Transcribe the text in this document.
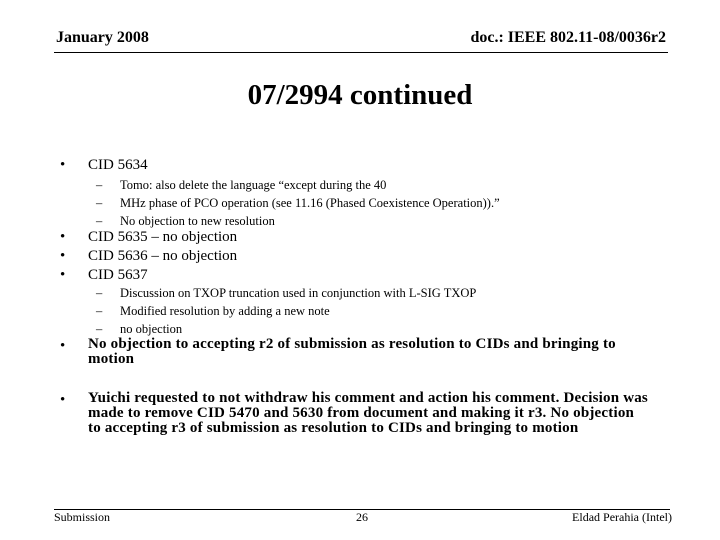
January 2008	doc.: IEEE 802.11-08/0036r2
07/2994 continued
• CID 5634
– Tomo: also delete the language “except during the 40
– MHz phase of PCO operation (see 11.16 (Phased Coexistence Operation)).”
– No objection to new resolution
• CID 5635 – no objection
• CID 5636 – no objection
• CID 5637
– Discussion on TXOP truncation used in conjunction with L-SIG TXOP
– Modified resolution by adding a new note
– no objection
• No objection to accepting r2 of submission as resolution to CIDs and bringing to motion
• Yuichi requested to not withdraw his comment and action his comment. Decision was made to remove CID 5470 and 5630 from document and making it r3. No objection to accepting r3 of submission as resolution to CIDs and bringing to motion
Submission	26	Eldad Perahia (Intel)
